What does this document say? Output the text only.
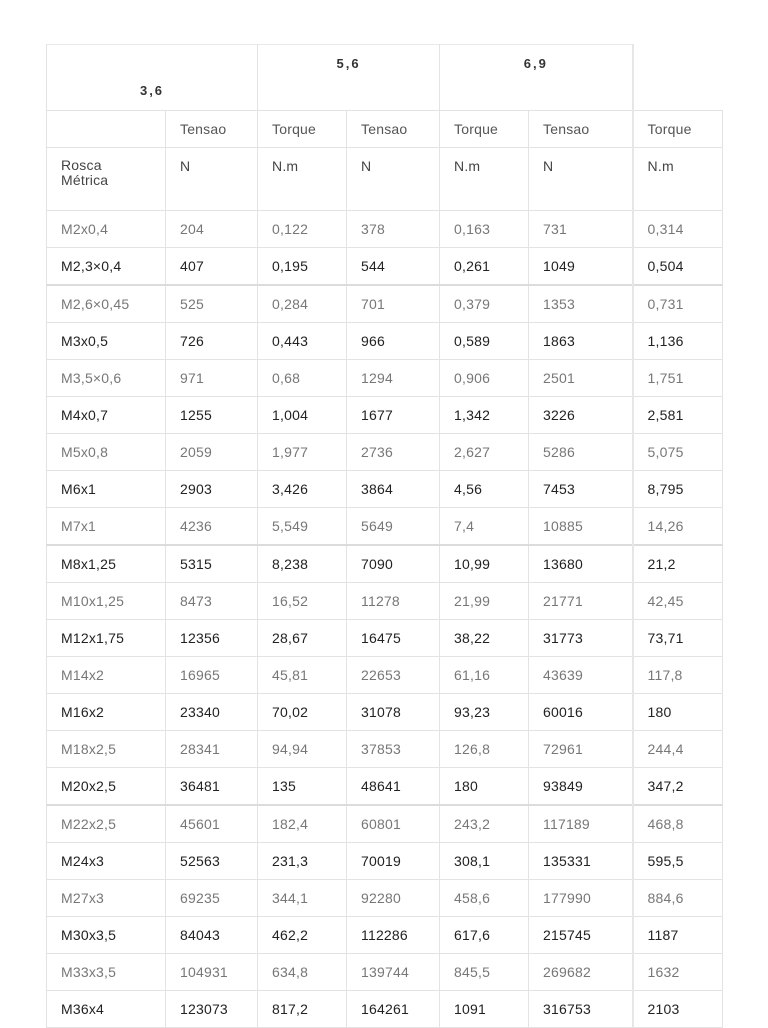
3,6		5,6		6,9		
	Tensao	Torque	Tensao	Torque	Tensao	Torque
Rosca Métrica	N	N.m	N	N.m	N	N.m
M2x0,4	204	0,122	378	0,163	731	0,314
M2,3×0,4	407	0,195	544	0,261	1049	0,504
M2,6×0,45	525	0,284	701	0,379	1353	0,731
M3x0,5	726	0,443	966	0,589	1863	1,136
M3,5×0,6	971	0,68	1294	0,906	2501	1,751
M4x0,7	1255	1,004	1677	1,342	3226	2,581
M5x0,8	2059	1,977	2736	2,627	5286	5,075
M6x1	2903	3,426	3864	4,56	7453	8,795
M7x1	4236	5,549	5649	7,4	10885	14,26
M8x1,25	5315	8,238	7090	10,99	13680	21,2
M10x1,25	8473	16,52	11278	21,99	21771	42,45
M12x1,75	12356	28,67	16475	38,22	31773	73,71
M14x2	16965	45,81	22653	61,16	43639	117,8
M16x2	23340	70,02	31078	93,23	60016	180
M18x2,5	28341	94,94	37853	126,8	72961	244,4
M20x2,5	36481	135	48641	180	93849	347,2
M22x2,5	45601	182,4	60801	243,2	117189	468,8
M24x3	52563	231,3	70019	308,1	135331	595,5
M27x3	69235	344,1	92280	458,6	177990	884,6
M30x3,5	84043	462,2	112286	617,6	215745	1187
M33x3,5	104931	634,8	139744	845,5	269682	1632
M36x4	123073	817,2	164261	1091	316753	2103
